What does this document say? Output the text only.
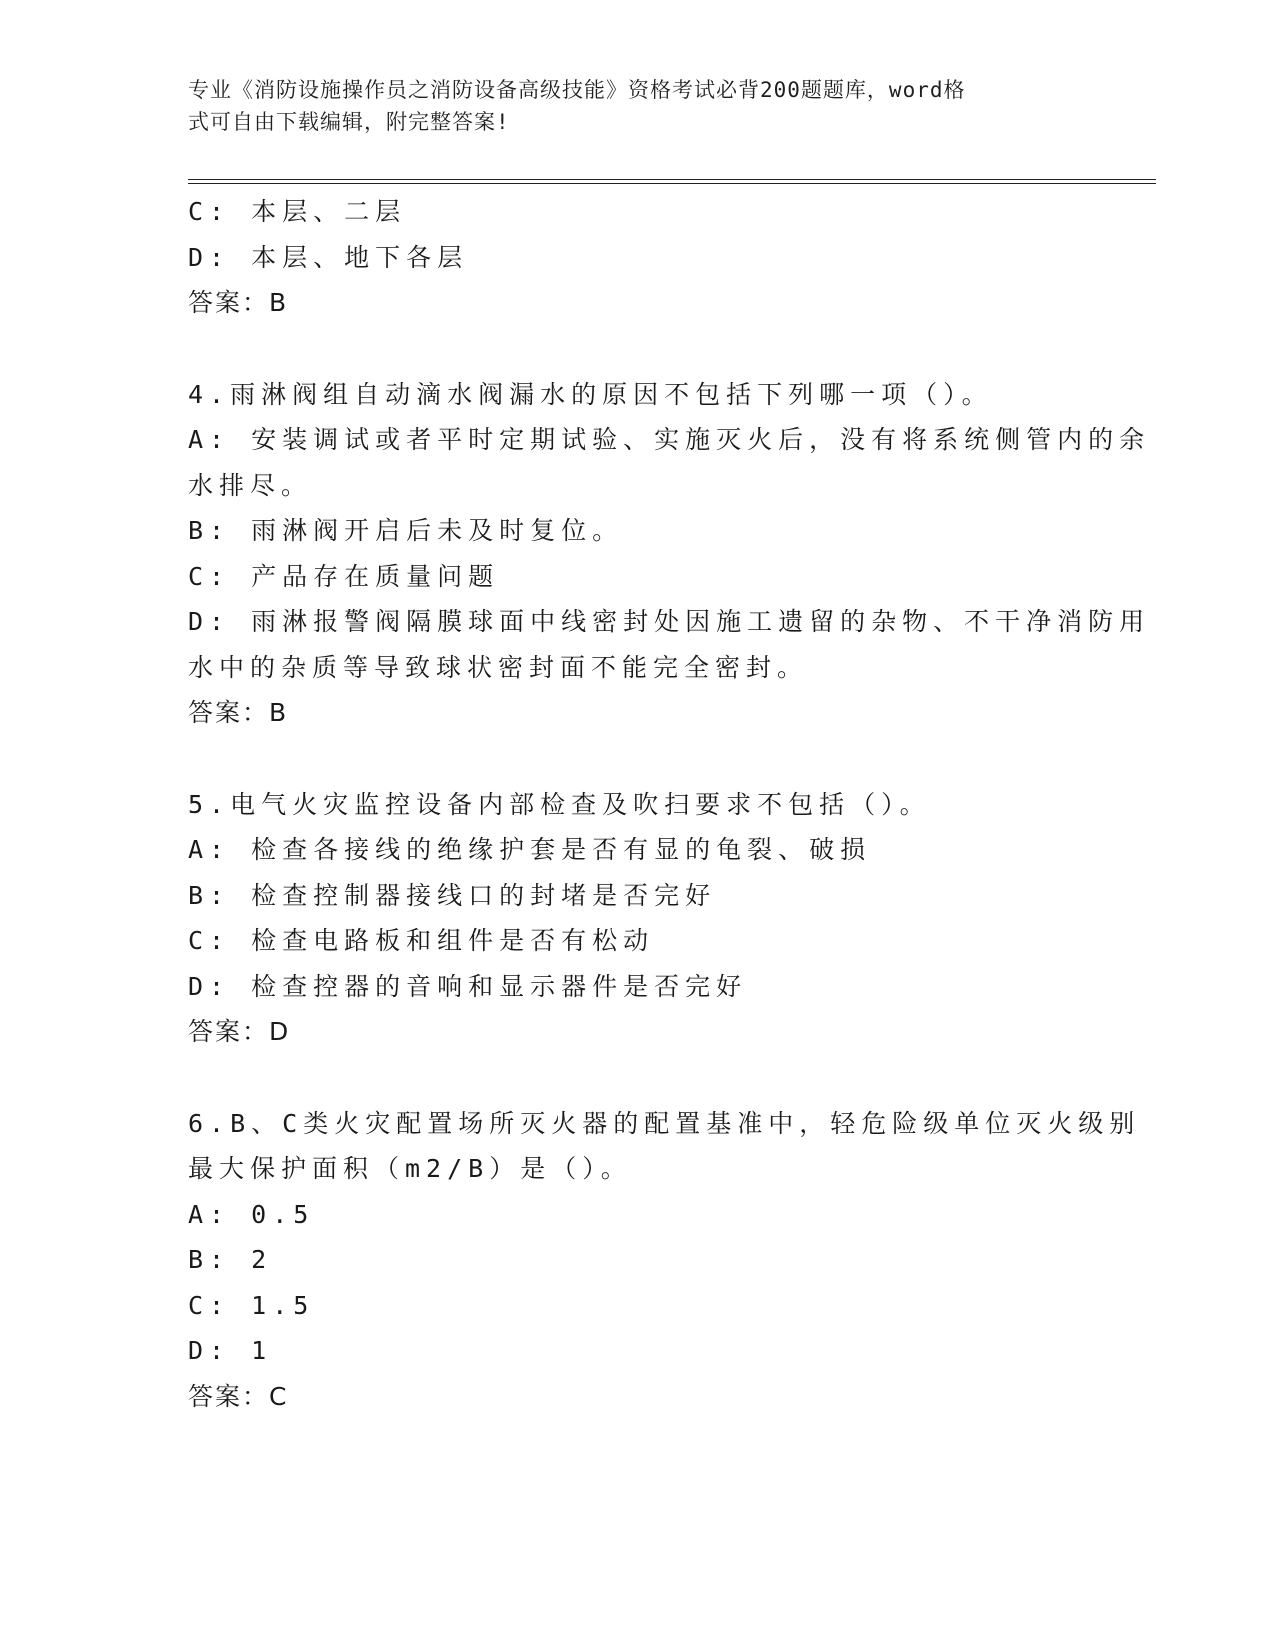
专业《消防设施操作员之消防设备高级技能》资格考试必背200题题库，word格
式可自由下载编辑，附完整答案!
C: 本层、二层
D: 本层、地下各层
答案：B
4.雨淋阀组自动滴水阀漏水的原因不包括下列哪一项（）。
A: 安装调试或者平时定期试验、实施灭火后，没有将系统侧管内的余
水排尽。
B: 雨淋阀开启后未及时复位。
C: 产品存在质量问题
D: 雨淋报警阀隔膜球面中线密封处因施工遗留的杂物、不干净消防用
水中的杂质等导致球状密封面不能完全密封。
答案：B
5.电气火灾监控设备内部检查及吹扫要求不包括（）。
A: 检查各接线的绝缘护套是否有显的龟裂、破损
B: 检查控制器接线口的封堵是否完好
C: 检查电路板和组件是否有松动
D: 检查控器的音响和显示器件是否完好
答案：D
6.B、C类火灾配置场所灭火器的配置基准中，轻危险级单位灭火级别
最大保护面积（m2/B）是（）。
A: 0.5
B: 2
C: 1.5
D: 1
答案：C
